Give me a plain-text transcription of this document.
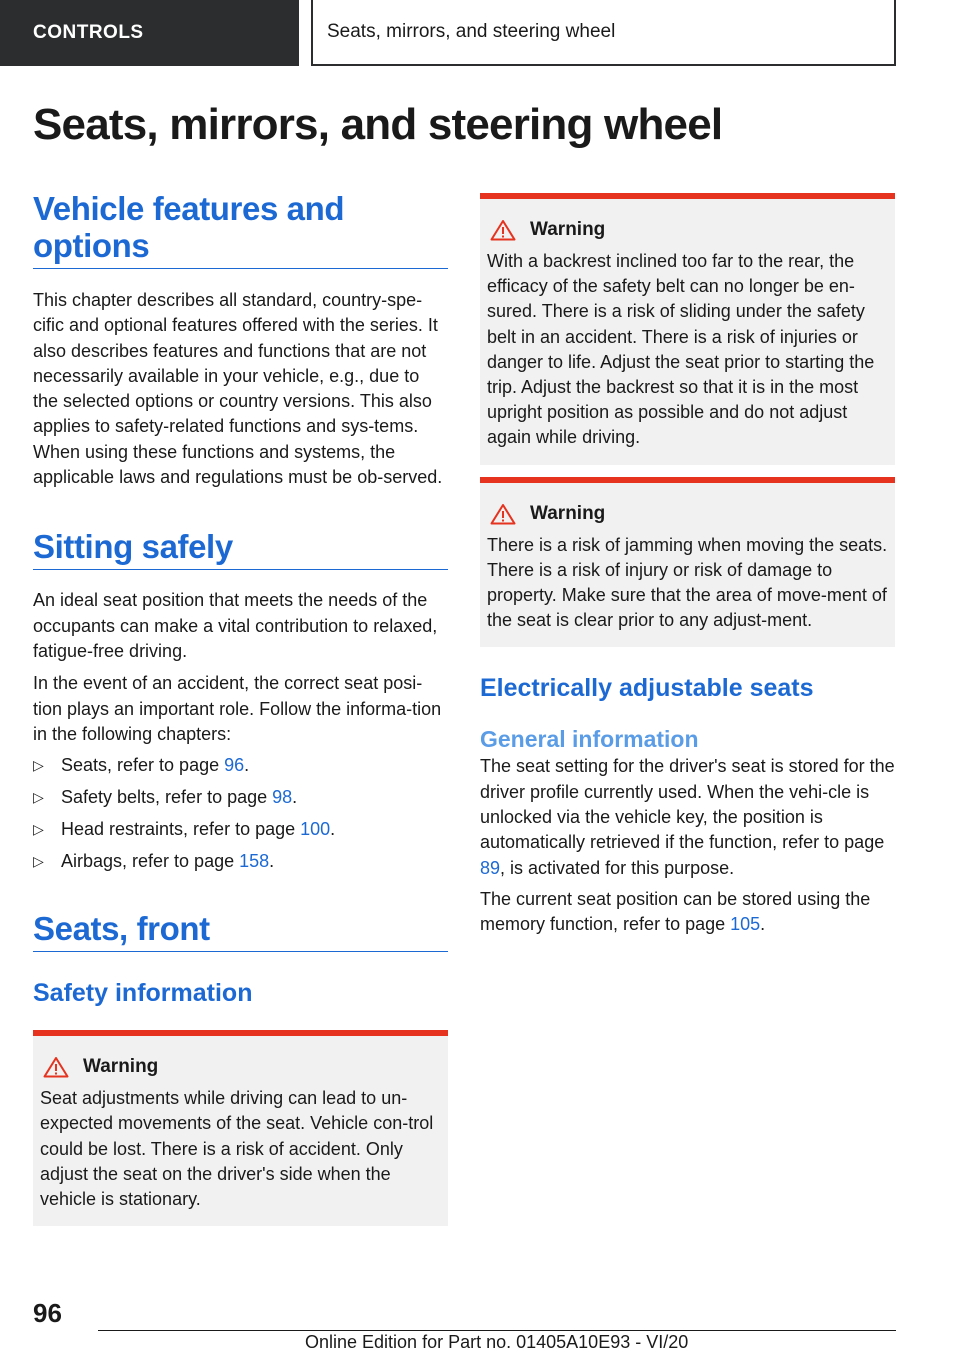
CONTROLS	Seats, mirrors, and steering wheel
Seats, mirrors, and steering wheel
Vehicle features and options

This chapter describes all standard, country-spe-cific and optional features offered with the series. It also describes features and functions that are not necessarily available in your vehicle, e.g., due to the selected options or country versions. This also applies to safety-related functions and sys-tems. When using these functions and systems, the applicable laws and regulations must be ob-served.

Sitting safely

An ideal seat position that meets the needs of the occupants can make a vital contribution to relaxed, fatigue-free driving.

In the event of an accident, the correct seat posi-tion plays an important role. Follow the informa-tion in the following chapters:

▷ Seats, refer to page 96.
▷ Safety belts, refer to page 98.
▷ Head restraints, refer to page 100.
▷ Airbags, refer to page 158.
Seats, front
Safety information
Warning

Seat adjustments while driving can lead to un-expected movements of the seat. Vehicle con-trol could be lost. There is a risk of accident. Only adjust the seat on the driver's side when the vehicle is stationary.

Warning

With a backrest inclined too far to the rear, the efficacy of the safety belt can no longer be en-sured. There is a risk of sliding under the safety belt in an accident. There is a risk of injuries or danger to life. Adjust the seat prior to starting the trip. Adjust the backrest so that it is in the most upright position as possible and do not adjust again while driving.

Warning

There is a risk of jamming when moving the seats. There is a risk of injury or risk of damage to property. Make sure that the area of move-ment of the seat is clear prior to any adjust-ment.

Electrically adjustable seats
General information

The seat setting for the driver's seat is stored for the driver profile currently used. When the vehi-cle is unlocked via the vehicle key, the position is automatically retrieved if the function, refer to page 89, is activated for this purpose.

The current seat position can be stored using the memory function, refer to page 105.

96
Online Edition for Part no. 01405A10E93 - VI/20
